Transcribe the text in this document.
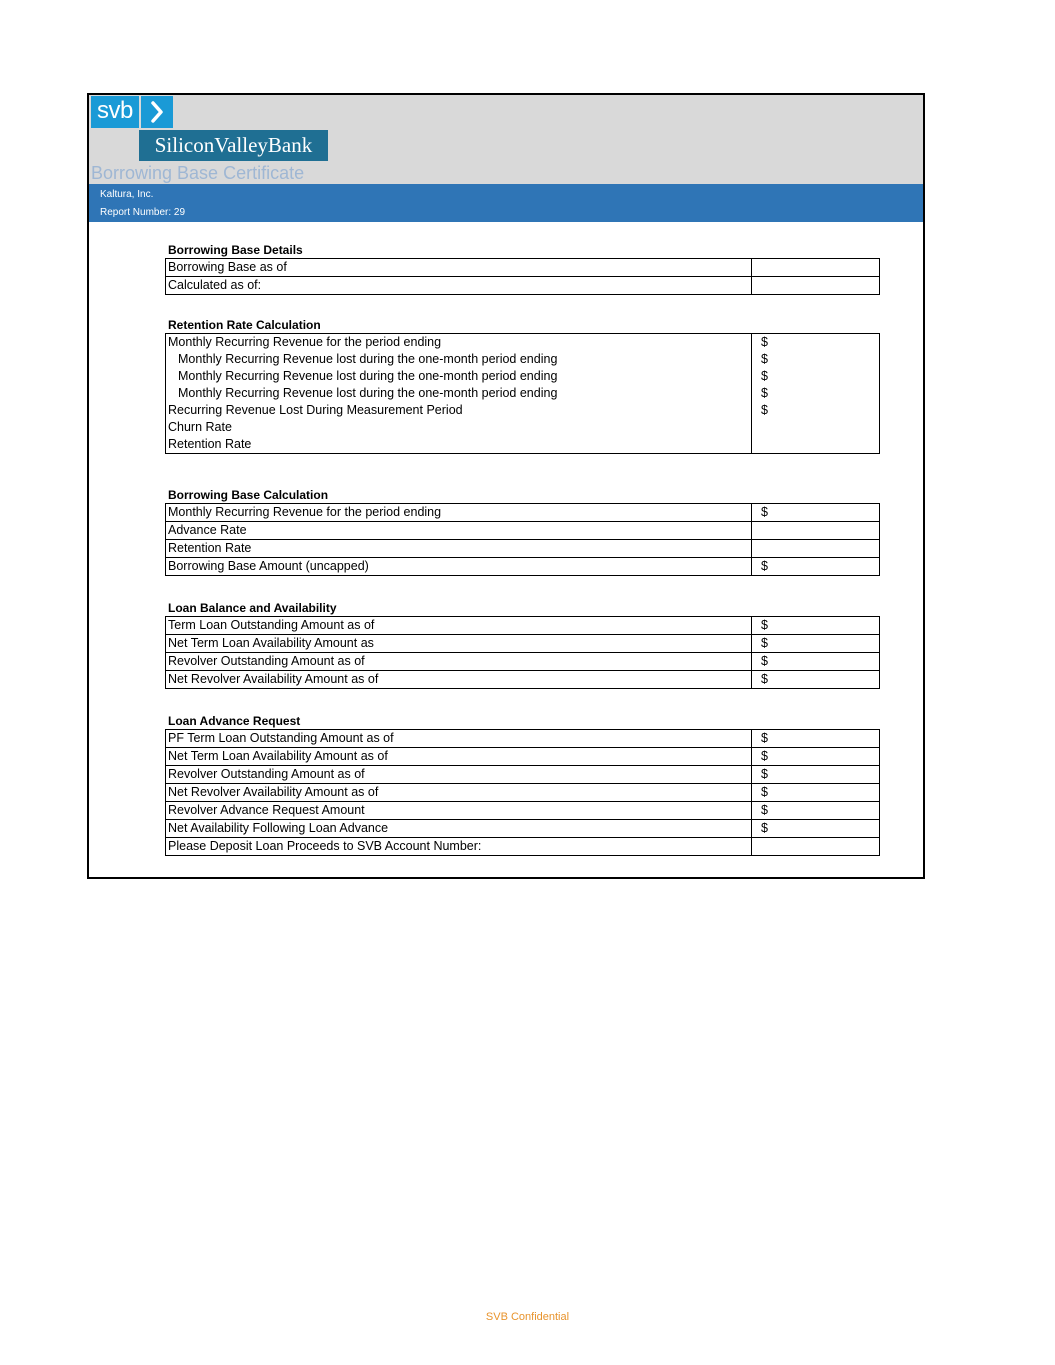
svb
SiliconValleyBank
Borrowing Base Certificate
Kaltura, Inc.
Report Number: 29
Borrowing Base Details
Borrowing Base as of	
Calculated as of:	
Retention Rate Calculation
Monthly Recurring Revenue for the period ending	$
Monthly Recurring Revenue lost during the one-month period ending	$
Monthly Recurring Revenue lost during the one-month period ending	$
Monthly Recurring Revenue lost during the one-month period ending	$
Recurring Revenue Lost During Measurement Period	$
Churn Rate	
Retention Rate	
Borrowing Base Calculation
Monthly Recurring Revenue for the period ending	$
Advance Rate	
Retention Rate	
Borrowing Base Amount (uncapped)	$
Loan Balance and Availability
Term Loan Outstanding Amount as of	$
Net Term Loan Availability Amount as	$
Revolver Outstanding Amount as of	$
Net Revolver Availability Amount as of	$
Loan Advance Request
PF Term Loan Outstanding Amount as of	$
Net Term Loan Availability Amount as of	$
Revolver Outstanding Amount as of	$
Net Revolver Availability Amount as of	$
Revolver Advance Request Amount	$
Net Availability Following Loan Advance	$
Please Deposit Loan Proceeds to SVB Account Number:	
SVB Confidential
